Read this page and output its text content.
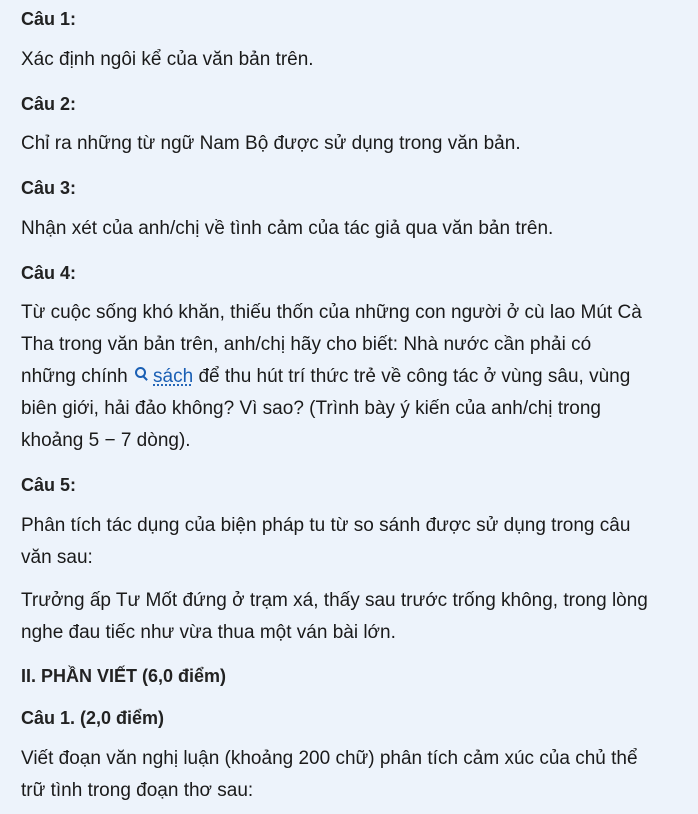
Câu 1:
Xác định ngôi kể của văn bản trên.
Câu 2:
Chỉ ra những từ ngữ Nam Bộ được sử dụng trong văn bản.
Câu 3:
Nhận xét của anh/chị về tình cảm của tác giả qua văn bản trên.
Câu 4:
Từ cuộc sống khó khăn, thiếu thốn của những con người ở cù lao Mút Cà
Tha trong văn bản trên, anh/chị hãy cho biết: Nhà nước cần phải có
những chính sách để thu hút trí thức trẻ về công tác ở vùng sâu, vùng
biên giới, hải đảo không? Vì sao? (Trình bày ý kiến của anh/chị trong
khoảng 5 − 7 dòng).
Câu 5:
Phân tích tác dụng của biện pháp tu từ so sánh được sử dụng trong câu
văn sau:
Trưởng ấp Tư Mốt đứng ở trạm xá, thấy sau trước trống không, trong lòng
nghe đau tiếc như vừa thua một ván bài lớn.
II. PHẦN VIẾT (6,0 điểm)
Câu 1. (2,0 điểm)
Viết đoạn văn nghị luận (khoảng 200 chữ) phân tích cảm xúc của chủ thể
trữ tình trong đoạn thơ sau:
